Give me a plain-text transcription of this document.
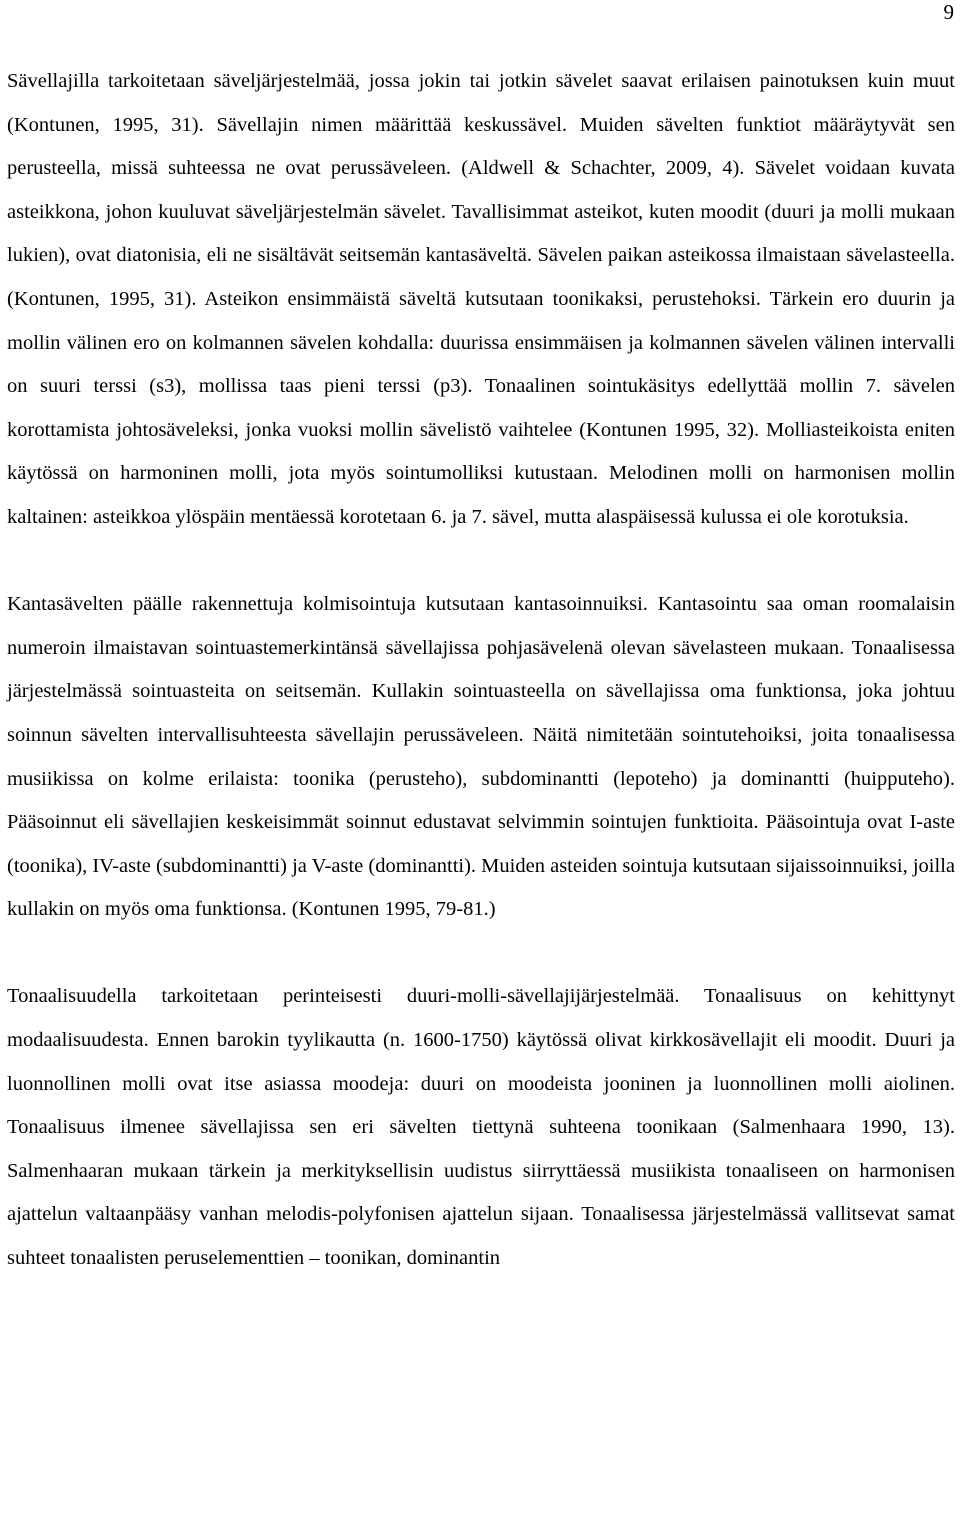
9

Sävellajilla tarkoitetaan säveljärjestelmää, jossa jokin tai jotkin sävelet saavat erilaisen painotuksen kuin muut (Kontunen, 1995, 31). Sävellajin nimen määrittää keskussävel. Muiden sävelten funktiot määräytyvät sen perusteella, missä suhteessa ne ovat perussäveleen. (Aldwell & Schachter, 2009, 4). Sävelet voidaan kuvata asteikkona, johon kuuluvat säveljärjestelmän sävelet. Tavallisimmat asteikot, kuten moodit (duuri ja molli mukaan lukien), ovat diatonisia, eli ne sisältävät seitsemän kantasäveltä. Sävelen paikan asteikossa ilmaistaan sävelasteella. (Kontunen, 1995, 31). Asteikon ensimmäistä säveltä kutsutaan toonikaksi, perustehoksi. Tärkein ero duurin ja mollin välinen ero on kolmannen sävelen kohdalla: duurissa ensimmäisen ja kolmannen sävelen välinen intervalli on suuri terssi (s3), mollissa taas pieni terssi (p3). Tonaalinen sointukäsitys edellyttää mollin 7. sävelen korottamista johtosäveleksi, jonka vuoksi mollin sävelistö vaihtelee (Kontunen 1995, 32). Molliasteikoista eniten käytössä on harmoninen molli, jota myös sointumolliksi kutustaan. Melodinen molli on harmonisen mollin kaltainen: asteikkoa ylöspäin mentäessä korotetaan 6. ja 7. sävel, mutta alaspäisessä kulussa ei ole korotuksia.

Kantasävelten päälle rakennettuja kolmisointuja kutsutaan kantasoinnuiksi. Kantasointu saa oman roomalaisin numeroin ilmaistavan sointuastemerkintänsä sävellajissa pohjasävelenä olevan sävelasteen mukaan. Tonaalisessa järjestelmässä sointuasteita on seitsemän. Kullakin sointuasteella on sävellajissa oma funktionsa, joka johtuu soinnun sävelten intervallisuhteesta sävellajin perussäveleen. Näitä nimitetään sointutehoiksi, joita tonaalisessa musiikissa on kolme erilaista: toonika (perusteho), subdominantti (lepoteho) ja dominantti (huipputeho). Pääsoinnut eli sävellajien keskeisimmät soinnut edustavat selvimmin sointujen funktioita. Pääsointuja ovat I-aste (toonika), IV-aste (subdominantti) ja V-aste (dominantti). Muiden asteiden sointuja kutsutaan sijaissoinnuiksi, joilla kullakin on myös oma funktionsa. (Kontunen 1995, 79-81.)

Tonaalisuudella tarkoitetaan perinteisesti duuri-molli-sävellajijärjestelmää. Tonaalisuus on kehittynyt modaalisuudesta. Ennen barokin tyylikautta (n. 1600-1750) käytössä olivat kirkkosävellajit eli moodit. Duuri ja luonnollinen molli ovat itse asiassa moodeja: duuri on moodeista jooninen ja luonnollinen molli aiolinen. Tonaalisuus ilmenee sävellajissa sen eri sävelten tiettynä suhteena toonikaan (Salmenhaara 1990, 13). Salmenhaaran mukaan tärkein ja merkityksellisin uudistus siirryttäessä musiikista tonaaliseen on harmonisen ajattelun valtaanpääsy vanhan melodis-polyfonisen ajattelun sijaan. Tonaalisessa järjestelmässä vallitsevat samat suhteet tonaalisten peruselementtien – toonikan, dominantin
